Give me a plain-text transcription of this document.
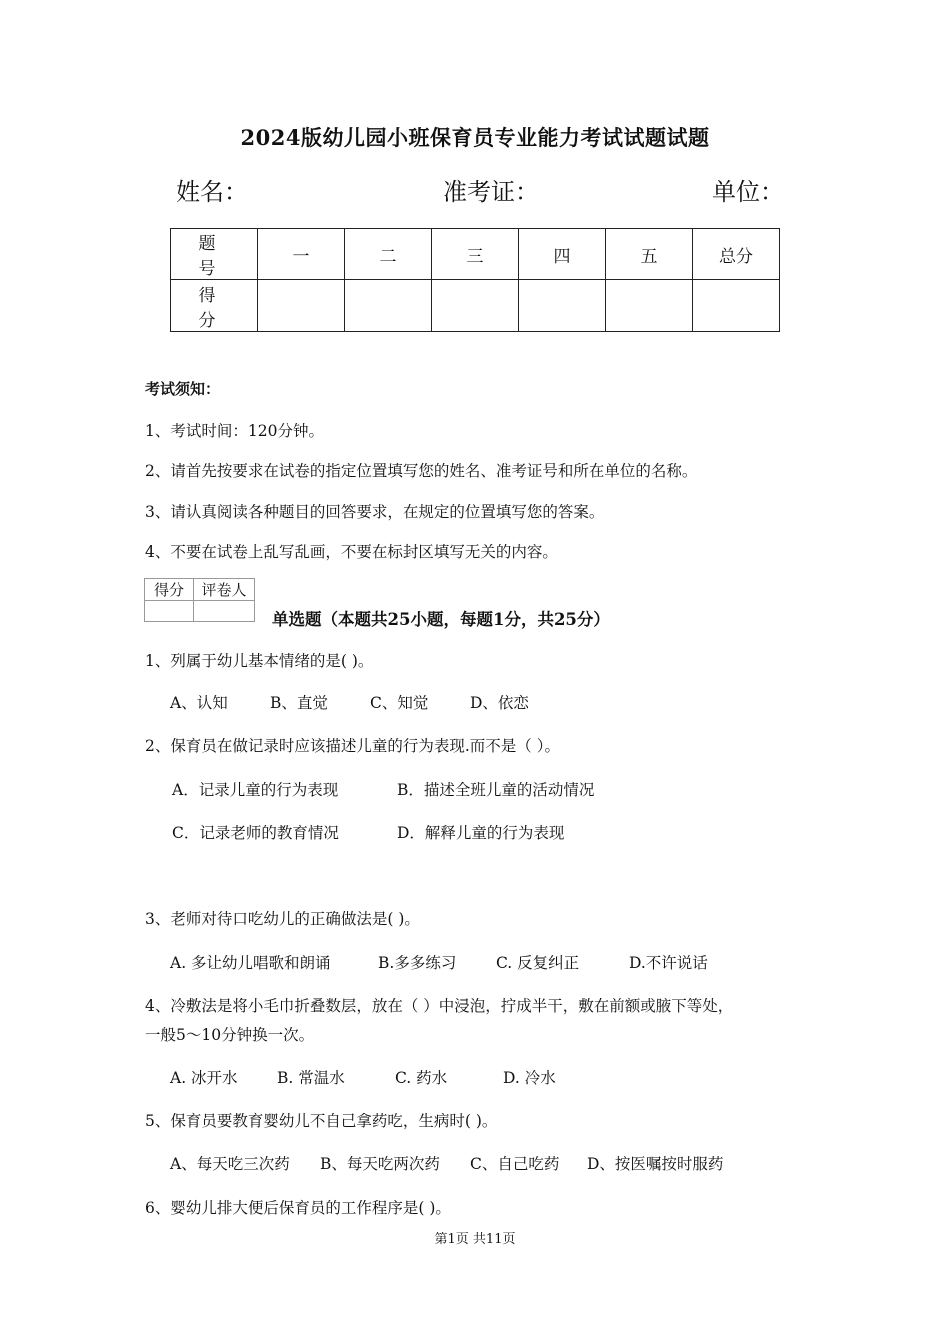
2024版幼儿园小班保育员专业能力考试试题试题
姓名：	准考证：	单位：
题　号	一	二	三	四	五	总分
得　分						
考试须知：
1、考试时间：120分钟。
2、请首先按要求在试卷的指定位置填写您的姓名、准考证号和所在单位的名称。
3、请认真阅读各种题目的回答要求，在规定的位置填写您的答案。
4、不要在试卷上乱写乱画，不要在标封区填写无关的内容。
得分	评卷人

单选题（本题共25小题，每题1分，共25分）
1、列属于幼儿基本情绪的是( )。
A、认知	B、直觉	C、知觉	D、依恋
2、保育员在做记录时应该描述儿童的行为表现.而不是（ ）。
A．记录儿童的行为表现	B．描述全班儿童的活动情况
C．记录老师的教育情况	D．解释儿童的行为表现
3、老师对待口吃幼儿的正确做法是( )。
A. 多让幼儿唱歌和朗诵	B.多多练习	C. 反复纠正	D.不许说话
4、冷敷法是将小毛巾折叠数层，放在（ ）中浸泡，拧成半干，敷在前额或腋下等处，
一般5～10分钟换一次。
A. 冰开水	B. 常温水	C. 药水	D. 冷水
5、保育员要教育婴幼儿不自己拿药吃，生病时( )。
A、每天吃三次药 B、每天吃两次药 C、自己吃药 D、按医嘱按时服药
6、婴幼儿排大便后保育员的工作程序是( )。
第1页 共11页
